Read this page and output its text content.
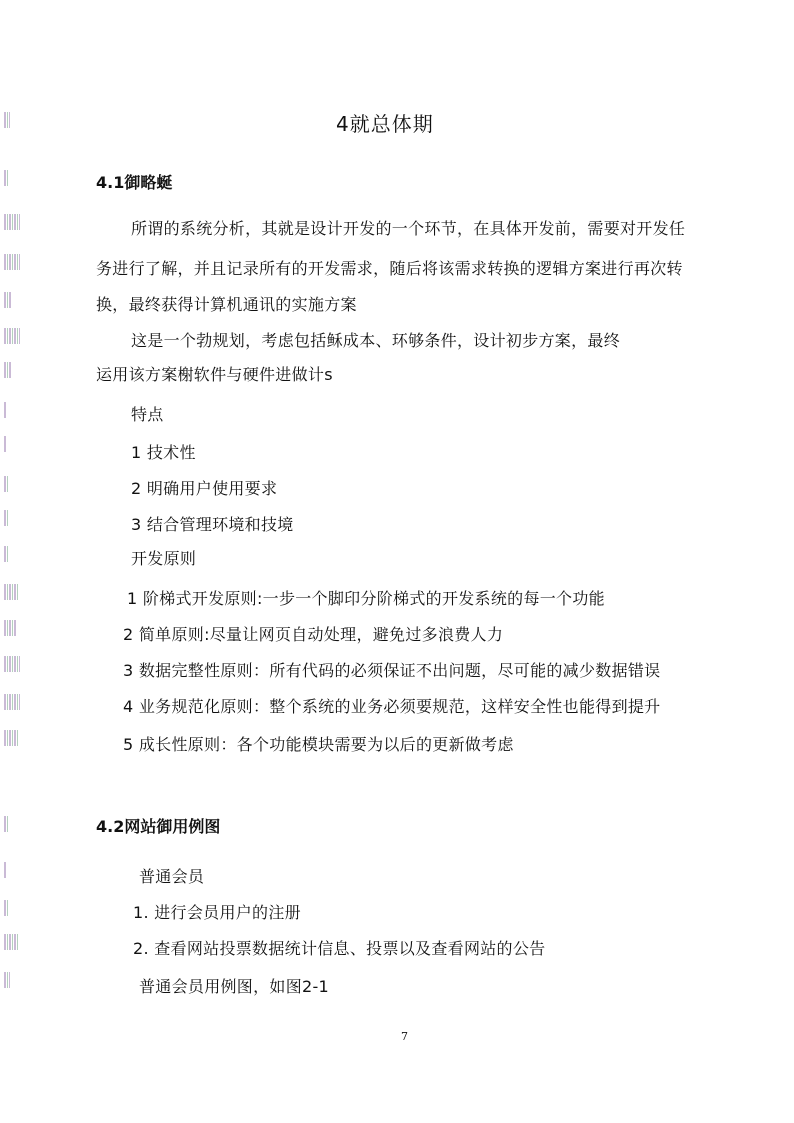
4就总体期
4.1御略蜒
所谓的系统分析，其就是设计开发的一个环节，在具体开发前，需要对开发任
务进行了解，并且记录所有的开发需求，随后将该需求转换的逻辑方案进行再次转
换，最终获得计算机通讯的实施方案
这是一个勃规划，考虑包括稣成本、环够条件，设计初步方案，最终
运用该方案榭软件与硬件进做计s
特点
1 技术性
2 明确用户使用要求
3 结合管理环境和技境
开发原则
1 阶梯式开发原则:一步一个脚印分阶梯式的开发系统的每一个功能
2 简单原则:尽量让网页自动处理，避免过多浪费人力
3 数据完整性原则：所有代码的必须保证不出问题，尽可能的减少数据错误
4 业务规范化原则：整个系统的业务必须要规范，这样安全性也能得到提升
5 成长性原则：各个功能模块需要为以后的更新做考虑
4.2网站御用例图
普通会员
1. 进行会员用户的注册
2. 查看网站投票数据统计信息、投票以及查看网站的公告
普通会员用例图，如图2-1
7
